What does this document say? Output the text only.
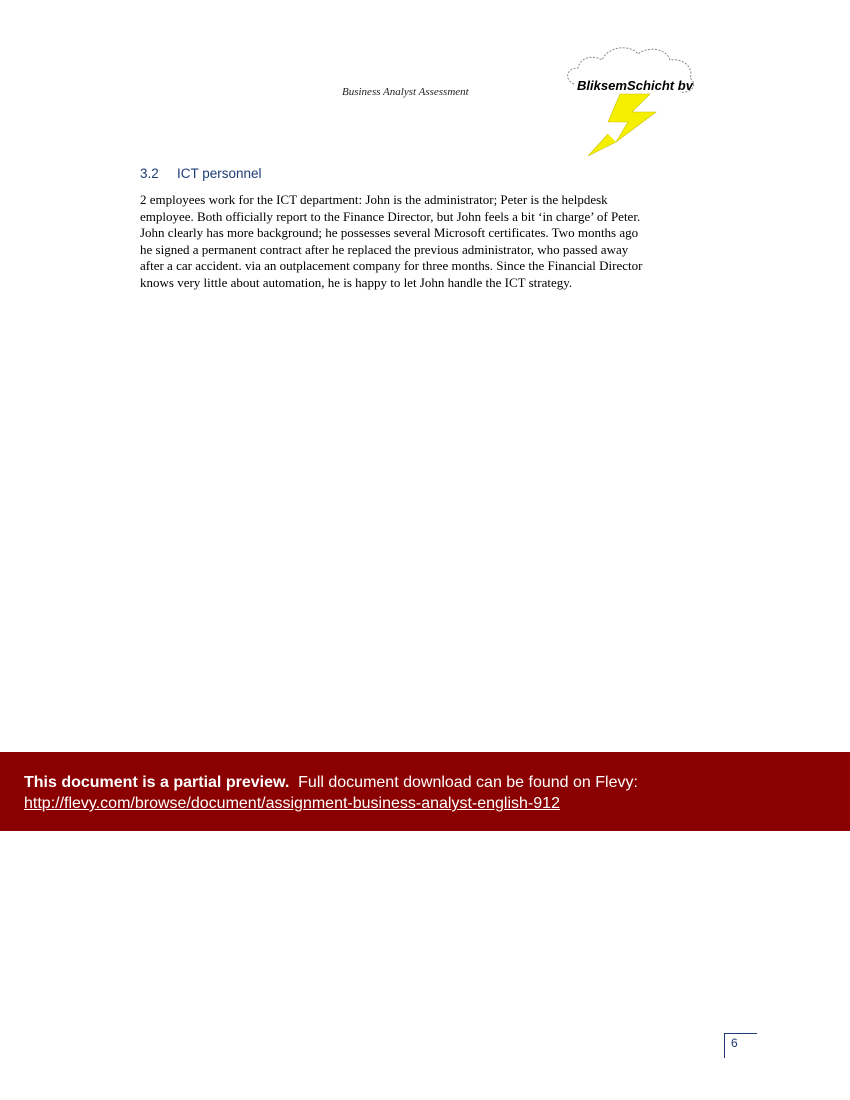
Business Analyst Assessment	BliksemSchicht bv
3.2 ICT personnel
2 employees work for the ICT department: John is the administrator; Peter is the helpdesk
employee. Both officially report to the Finance Director, but John feels a bit ‘in charge’ of Peter.
John clearly has more background; he possesses several Microsoft certificates. Two months ago
he signed a permanent contract after he replaced the previous administrator, who passed away
after a car accident. via an outplacement company for three months. Since the Financial Director
knows very little about automation, he is happy to let John handle the ICT strategy.
This document is a partial preview. Full document download can be found on Flevy:
http://flevy.com/browse/document/assignment-business-analyst-english-912
6
